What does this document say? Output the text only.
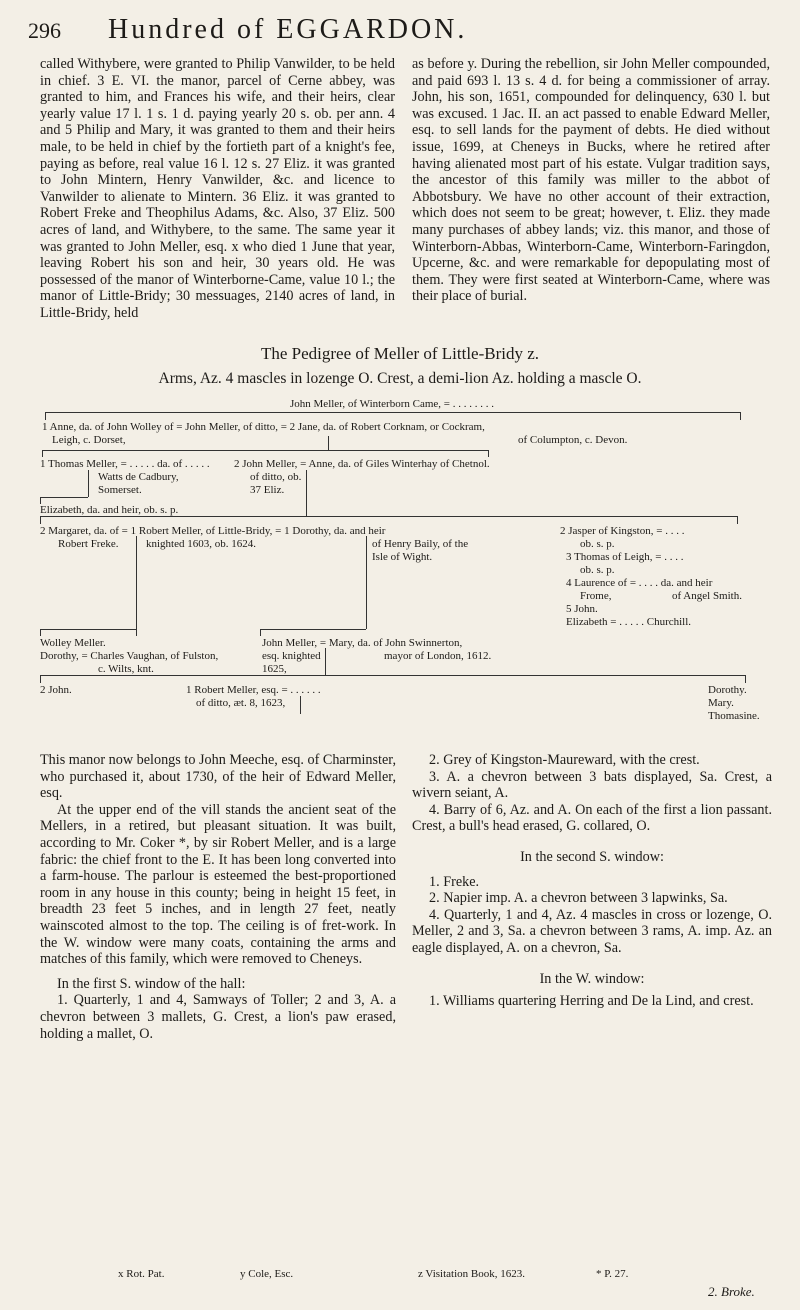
296 Hundred of EGGARDON.

called Withybere, were granted to Philip Vanwilder, to be held in chief. 3 E. VI. the manor, parcel of Cerne abbey, was granted to him, and Frances his wife, and their heirs, clear yearly value 17 l. 1 s. 1 d. paying yearly 20 s. ob. per ann. 4 and 5 Philip and Mary, it was granted to them and their heirs male, to be held in chief by the fortieth part of a knight's fee, paying as before, real value 16 l. 12 s. 27 Eliz. it was granted to John Mintern, Henry Vanwilder, &c. and licence to Vanwilder to alienate to Mintern. 36 Eliz. it was granted to Robert Freke and Theophilus Adams, &c. Also, 37 Eliz. 500 acres of land, and Withybere, to the same. The same year it was granted to John Meller, esq. x who died 1 June that year, leaving Robert his son and heir, 30 years old. He was possessed of the manor of Winterborne-Came, value 10 l.; the manor of Little-Bridy; 30 messuages, 2140 acres of land, in Little-Bridy, held

as before y. During the rebellion, sir John Meller compounded, and paid 693 l. 13 s. 4 d. for being a commissioner of array. John, his son, 1651, compounded for delinquency, 630 l. but was excused. 1 Jac. II. an act passed to enable Edward Meller, esq. to sell lands for the payment of debts. He died without issue, 1699, at Cheneys in Bucks, where he retired after having alienated most part of his estate. Vulgar tradition says, the ancestor of this family was miller to the abbot of Abbotsbury. We have no other account of their extraction, which does not seem to be great; however, t. Eliz. they made many purchases of abbey lands; viz. this manor, and those of Winterborn-Abbas, Winterborn-Came, Winterborn-Faringdon, Upcerne, &c. and were remarkable for depopulating most of them. They were first seated at Winterborn-Came, where was their place of burial.

The Pedigree of Meller of Little-Bridy z.
Arms, Az. 4 mascles in lozenge O. Crest, a demi-lion Az. holding a mascle O.
John Meller, of Winterborn Came, = . . . . . . . .
1 Anne, da. of John Wolley of = John Meller, of ditto, = 2 Jane, da. of Robert Corknam, or Cockram,
Leigh, c. Dorset,	of Columpton, c. Devon.
1 Thomas Meller, = . . . . . da. of . . . . .
Watts de Cadbury,
Somerset.
2 John Meller, = Anne, da. of Giles Winterhay of Chetnol.
of ditto, ob.
37 Eliz.
Elizabeth, da. and heir, ob. s. p.
2 Margaret, da. of = 1 Robert Meller, of Little-Bridy, = 1 Dorothy, da. and heir
Robert Freke.	knighted 1603, ob. 1624.	of Henry Baily, of the
Isle of Wight.
2 Jasper of Kingston, = . . . .
ob. s. p.
3 Thomas of Leigh, = . . . .
ob. s. p.
4 Laurence of = . . . . da. and heir
Frome,	of Angel Smith.
5 John.
Elizabeth = . . . . . Churchill.
Wolley Meller.
Dorothy, = Charles Vaughan, of Fulston,
c. Wilts, knt.
John Meller, = Mary, da. of John Swinnerton,
esq. knighted	mayor of London, 1612.
1625,
2 John.	1 Robert Meller, esq. = . . . . . .
of ditto, æt. 8, 1623,
Dorothy.
Mary.
Thomasine.

This manor now belongs to John Meeche, esq. of Charminster, who purchased it, about 1730, of the heir of Edward Meller, esq.

At the upper end of the vill stands the ancient seat of the Mellers, in a retired, but pleasant situation. It was built, according to Mr. Coker *, by sir Robert Meller, and is a large fabric: the chief front to the E. It has been long converted into a farm-house. The parlour is esteemed the best-proportioned room in any house in this county; being in height 15 feet, in breadth 23 feet 5 inches, and in length 27 feet, neatly wainscoted almost to the top. The ceiling is of fret-work. In the W. window were many coats, containing the arms and matches of this family, which were removed to Cheneys.

In the first S. window of the hall:

1. Quarterly, 1 and 4, Samways of Toller; 2 and 3, A. a chevron between 3 mallets, G. Crest, a lion's paw erased, holding a mallet, O.

2. Grey of Kingston-Maureward, with the crest.

3. A. a chevron between 3 bats displayed, Sa. Crest, a wivern seiant, A.

4. Barry of 6, Az. and A. On each of the first a lion passant. Crest, a bull's head erased, G. collared, O.

In the second S. window:

1. Freke.

2. Napier imp. A. a chevron between 3 lapwinks, Sa.

4. Quarterly, 1 and 4, Az. 4 mascles in cross or lozenge, O. Meller, 2 and 3, Sa. a chevron between 3 rams, A. imp. Az. an eagle displayed, A. on a chevron, Sa.

In the W. window:

1. Williams quartering Herring and De la Lind, and crest.

x Rot. Pat.	y Cole, Esc.	z Visitation Book, 1623.	* P. 27.
2. Broke.
